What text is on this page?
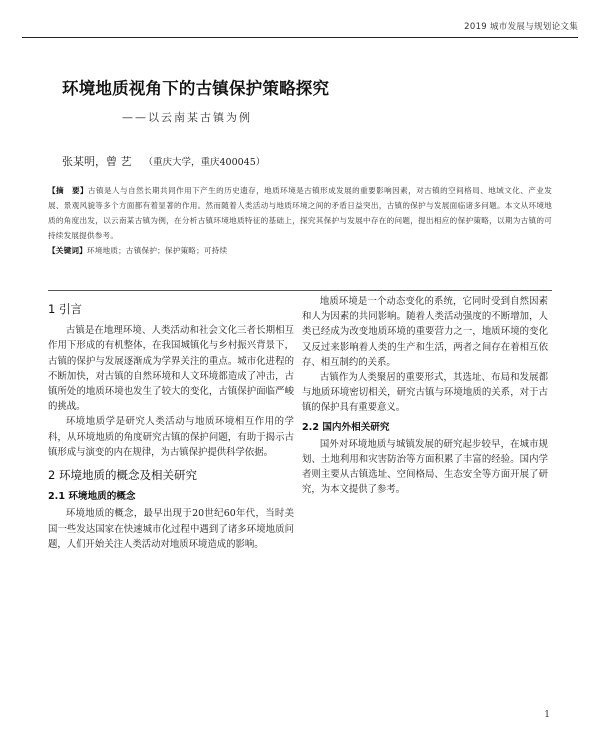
2019 城市发展与规划论文集
环境地质视角下的古镇保护策略探究
——以云南某古镇为例
张某明，曾 艺 （重庆大学，重庆400045）
【摘　要】古镇是人与自然长期共同作用下产生的历史遗存，地质环境是古镇形成发展的重要影响因素，对古镇的空间格局、地域文化、产业发展、景观风貌等多个方面都有着显著的作用。然而随着人类活动与地质环境之间的矛盾日益突出，古镇的保护与发展面临诸多问题。本文从环境地质的角度出发，以云南某古镇为例，在分析古镇环境地质特征的基础上，探究其保护与发展中存在的问题，提出相应的保护策略，以期为古镇的可持续发展提供参考。
【关键词】环境地质；古镇保护；保护策略；可持续
1 引言

古镇是在地理环境、人类活动和社会文化三者长期相互作用下形成的有机整体，在我国城镇化与乡村振兴背景下，古镇的保护与发展逐渐成为学界关注的重点。城市化进程的不断加快，对古镇的自然环境和人文环境都造成了冲击，古镇所处的地质环境也发生了较大的变化，古镇保护面临严峻的挑战。

环境地质学是研究人类活动与地质环境相互作用的学科，从环境地质的角度研究古镇的保护问题，有助于揭示古镇形成与演变的内在规律，为古镇保护提供科学依据。

2 环境地质的概念及相关研究
2.1 环境地质的概念

环境地质的概念，最早出现于20世纪60年代，当时美国一些发达国家在快速城市化过程中遇到了诸多环境地质问题，人们开始关注人类活动对地质环境造成的影响。

地质环境是一个动态变化的系统，它同时受到自然因素和人为因素的共同影响。随着人类活动强度的不断增加，人类已经成为改变地质环境的重要营力之一，地质环境的变化又反过来影响着人类的生产和生活，两者之间存在着相互依存、相互制约的关系。

古镇作为人类聚居的重要形式，其选址、布局和发展都与地质环境密切相关，研究古镇与环境地质的关系，对于古镇的保护具有重要意义。

2.2 国内外相关研究

国外对环境地质与城镇发展的研究起步较早，在城市规划、土地利用和灾害防治等方面积累了丰富的经验。国内学者则主要从古镇选址、空间格局、生态安全等方面开展了研究，为本文提供了参考。

1
